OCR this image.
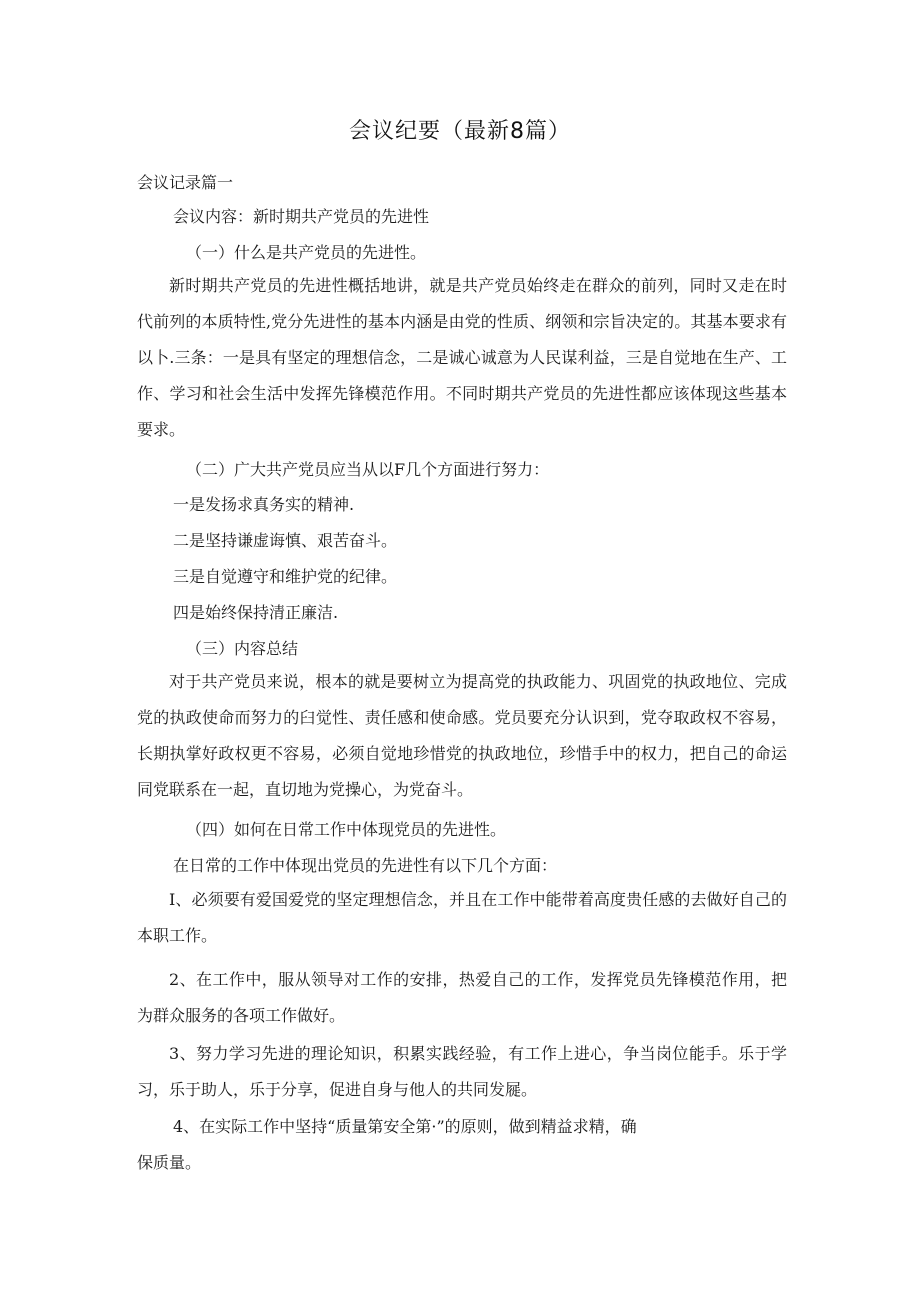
会议纪要（最新8篇）
会议记录篇一
会议内容：新时期共产党员的先进性
（一）什么是共产党员的先进性。
新时期共产党员的先进性概括地讲，就是共产党员始终走在群众的前列，同时又走在时代前列的本质特性,党分先进性的基本内涵是由党的性质、纲领和宗旨决定的。其基本要求有以卜.三条：一是具有坚定的理想信念，二是诚心诚意为人民谋利益，三是自觉地在生产、工作、学习和社会生活中发挥先锋模范作用。不同时期共产党员的先进性都应该体现这些基本要求。
（二）广大共产党员应当从以F几个方面进行努力：
一是发扬求真务实的精神.
二是坚持谦虚诲慎、艰苦奋斗。
三是自觉遵守和维护党的纪律。
四是始终保持清正廉洁.
（三）内容总结
对于共产党员来说，根本的就是要树立为提高党的执政能力、巩固党的执政地位、完成党的执政使命而努力的臼觉性、责任感和使命感。党员要充分认识到，党夺取政权不容易，长期执掌好政权更不容易，必须自觉地珍惜党的执政地位，珍惜手中的权力，把自己的命运同党联系在一起，直切地为党操心，为党奋斗。
（四）如何在日常工作中体现党员的先进性。
在日常的工作中体现出党员的先进性有以下几个方面：
I、必须要有爱国爱党的坚定理想信念，并且在工作中能带着高度贵任感的去做好自己的本职工作。
2、在工作中，服从领导对工作的安排，热爱自己的工作，发挥党员先锋模范作用，把为群众服务的各项工作做好。
3、努力学习先进的理论知识，积累实践经验，有工作上进心，争当岗位能手。乐于学习，乐于助人，乐于分享，促进自身与他人的共同发屣。
4、在实际工作中坚持“质量第安全第·”的原则，做到精益求精，确
保质量。
